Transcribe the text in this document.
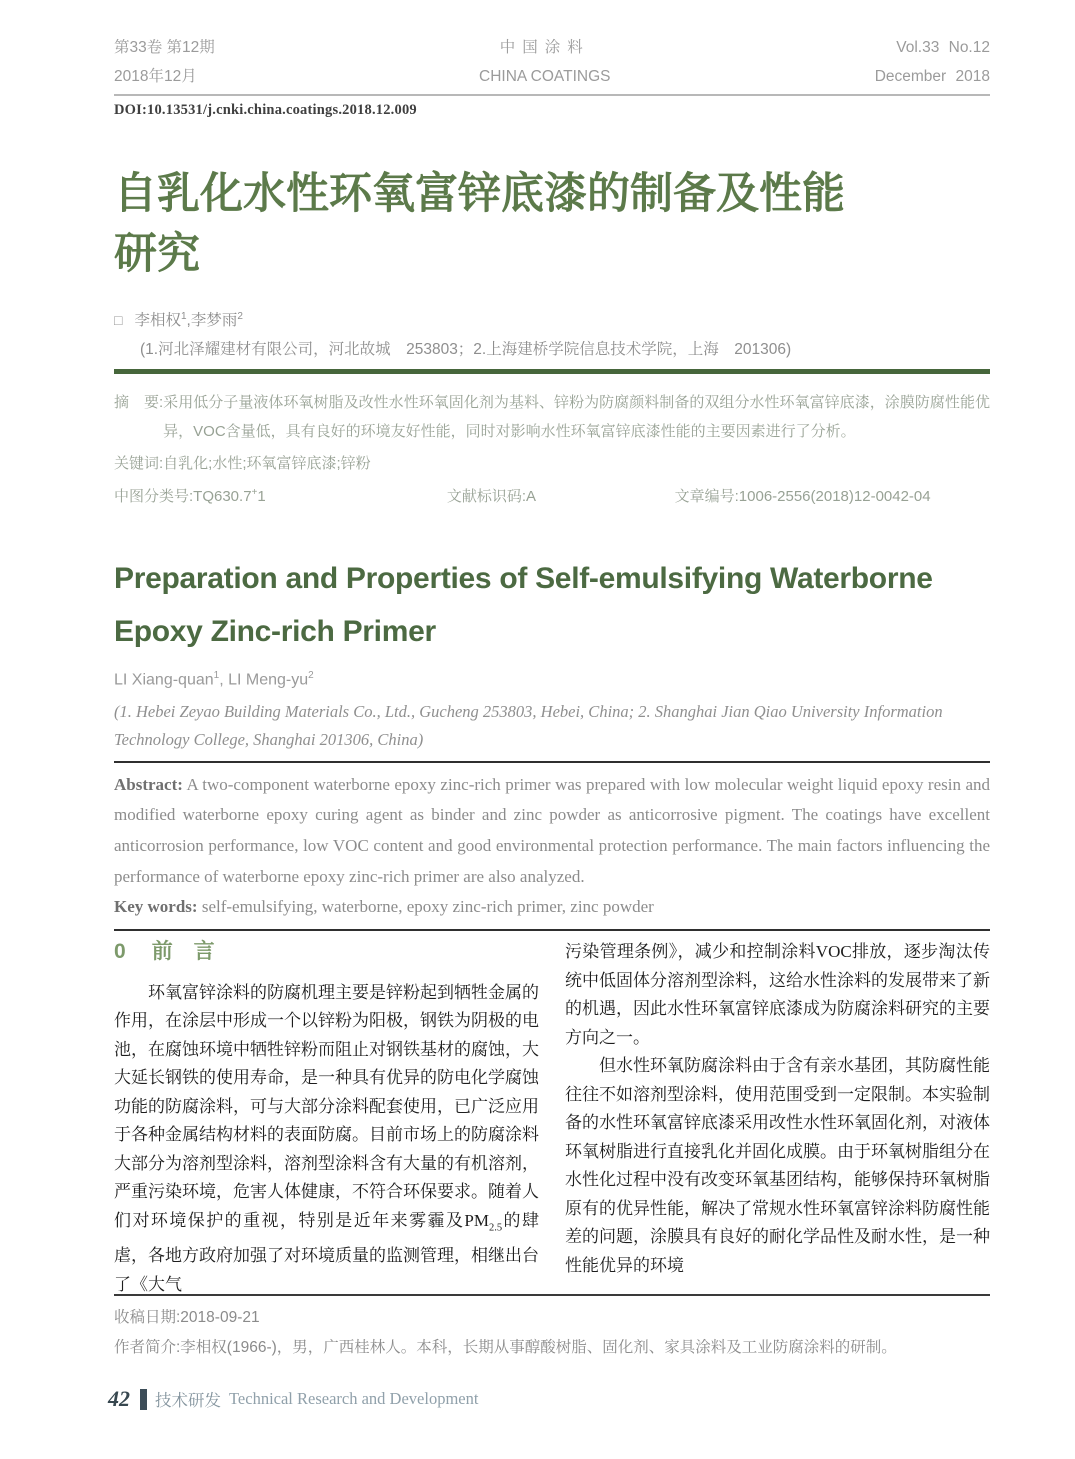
第33卷 第12期
2018年12月
中国涂料
CHINA COATINGS
Vol.33 No.12
December 2018
DOI:10.13531/j.cnki.china.coatings.2018.12.009
自乳化水性环氧富锌底漆的制备及性能研究
□ 李相权$^1$,李梦雨$^2$
(1.河北泽耀建材有限公司，河北故城　253803；2.上海建桥学院信息技术学院，上海　201306)
摘　要: 采用低分子量液体环氧树脂及改性水性环氧固化剂为基料、锌粉为防腐颜料制备的双组分水性环氧富锌底漆，涂膜防腐性能优异，VOC含量低，具有良好的环境友好性能，同时对影响水性环氧富锌底漆性能的主要因素进行了分析。
关键词:自乳化;水性;环氧富锌底漆;锌粉
中图分类号:TQ630.7+1	文献标识码:A	文章编号:1006-2556(2018)12-0042-04
Preparation and Properties of Self-emulsifying Waterborne
Epoxy Zinc-rich Primer
LI Xiang-quan$^1$, LI Meng-$yu^2$
(1. Hebei Zeyao Building Materials Co., Ltd., Gucheng 253803, Hebei, China; 2. Shanghai Jian Qiao University Information Technology College, Shanghai 201306, China)
Abstract: A two-component waterborne epoxy zinc-rich primer was prepared with low molecular weight liquid epoxy resin and modified waterborne epoxy curing agent as binder and zinc powder as anticorrosive pigment. The coatings have excellent anticorrosion performance, low VOC content and good environmental protection performance. The main factors influencing the performance of waterborne epoxy zinc-rich primer are also analyzed.
Key words: self-emulsifying, waterborne, epoxy zinc-rich primer, zinc powder
0 前　言

环氧富锌涂料的防腐机理主要是锌粉起到牺牲金属的作用，在涂层中形成一个以锌粉为阳极，钢铁为阴极的电池，在腐蚀环境中牺牲锌粉而阻止对钢铁基材的腐蚀，大大延长钢铁的使用寿命，是一种具有优异的防电化学腐蚀功能的防腐涂料，可与大部分涂料配套使用，已广泛应用于各种金属结构材料的表面防腐。目前市场上的防腐涂料大部分为溶剂型涂料，溶剂型涂料含有大量的有机溶剂，严重污染环境，危害人体健康，不符合环保要求。随着人们对环境保护的重视，特别是近年来雾霾及$PM_{2.5}$的肆虐，各地方政府加强了对环境质量的监测管理，相继出台了《大气

污染管理条例》，减少和控制涂料VOC排放，逐步淘汰传统中低固体分溶剂型涂料，这给水性涂料的发展带来了新的机遇，因此水性环氧富锌底漆成为防腐涂料研究的主要方向之一。

但水性环氧防腐涂料由于含有亲水基团，其防腐性能往往不如溶剂型涂料，使用范围受到一定限制。本实验制备的水性环氧富锌底漆采用改性水性环氧固化剂，对液体环氧树脂进行直接乳化并固化成膜。由于环氧树脂组分在水性化过程中没有改变环氧基团结构，能够保持环氧树脂原有的优异性能，解决了常规水性环氧富锌涂料防腐性能差的问题，涂膜具有良好的耐化学品性及耐水性，是一种性能优异的环境

收稿日期:2018-09-21
作者简介:李相权(1966-)，男，广西桂林人。本科，长期从事醇酸树脂、固化剂、家具涂料及工业防腐涂料的研制。
42 技术研发 Technical Research and Development
